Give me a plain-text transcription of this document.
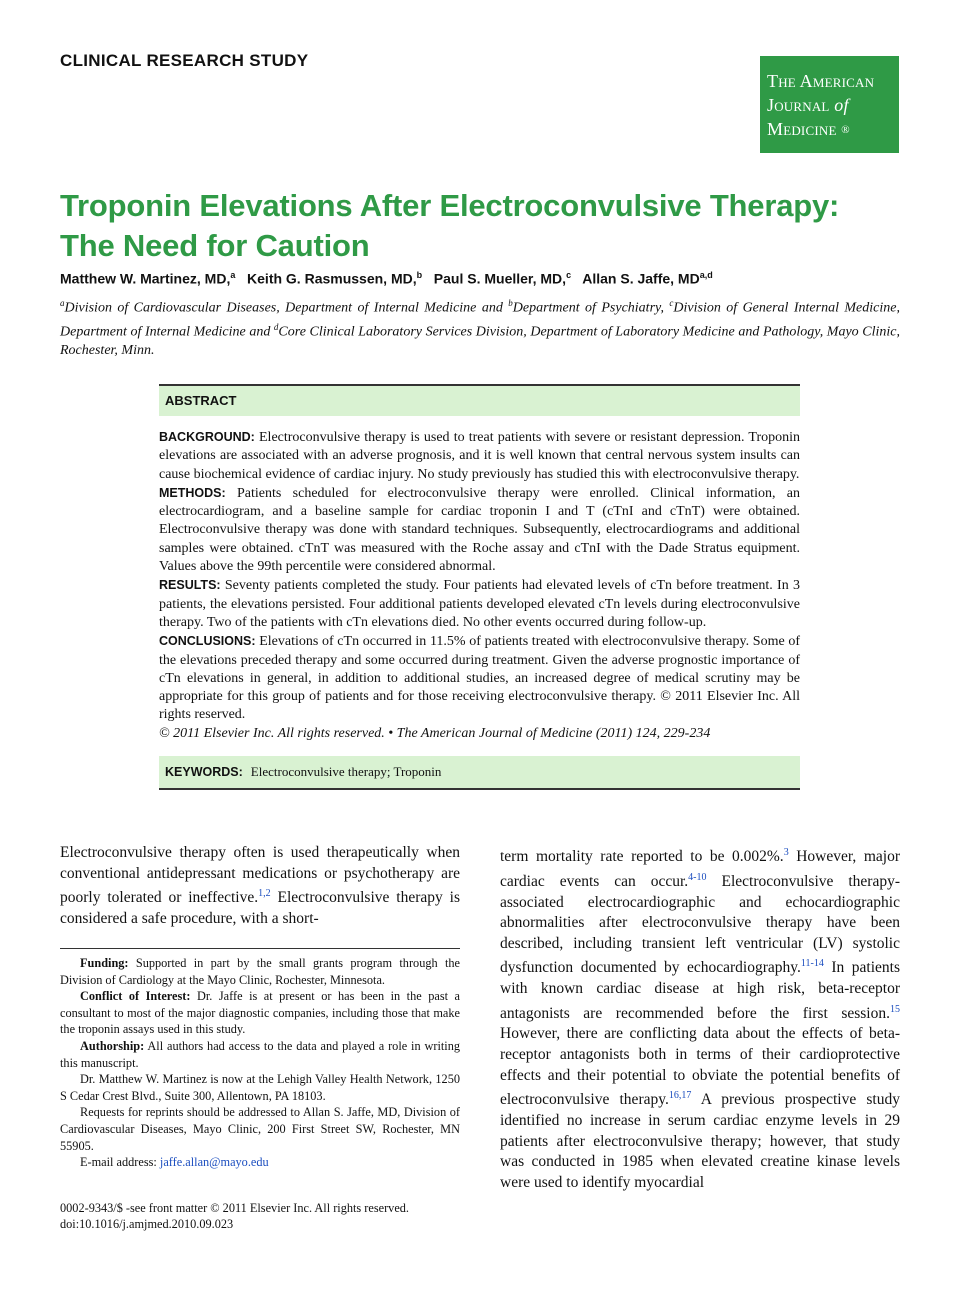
CLINICAL RESEARCH STUDY
The American
Journal of
Medicine ®
Troponin Elevations After Electroconvulsive Therapy: The Need for Caution
Matthew W. Martinez, MD,$^a$ Keith G. Rasmussen, MD,$^b$ Paul S. Mueller, MD,$^c$ Allan S. Jaffe, MD$^{a,d}$
$^a$Division of Cardiovascular Diseases, Department of Internal Medicine and $^b$Department of Psychiatry, $^c$Division of General Internal Medicine, Department of Internal Medicine and $^d$Core Clinical Laboratory Services Division, Department of Laboratory Medicine and Pathology, Mayo Clinic, Rochester, Minn.
ABSTRACT

BACKGROUND: Electroconvulsive therapy is used to treat patients with severe or resistant depression. Troponin elevations are associated with an adverse prognosis, and it is well known that central nervous system insults can cause biochemical evidence of cardiac injury. No study previously has studied this with electroconvulsive therapy.

METHODS: Patients scheduled for electroconvulsive therapy were enrolled. Clinical information, an electrocardiogram, and a baseline sample for cardiac troponin I and T (cTnI and cTnT) were obtained. Electroconvulsive therapy was done with standard techniques. Subsequently, electrocardiograms and additional samples were obtained. cTnT was measured with the Roche assay and cTnI with the Dade Stratus equipment. Values above the 99th percentile were considered abnormal.

RESULTS: Seventy patients completed the study. Four patients had elevated levels of cTn before treatment. In 3 patients, the elevations persisted. Four additional patients developed elevated cTn levels during electroconvulsive therapy. Two of the patients with cTn elevations died. No other events occurred during follow-up.

CONCLUSIONS: Elevations of cTn occurred in 11.5% of patients treated with electroconvulsive therapy. Some of the elevations preceded therapy and some occurred during treatment. Given the adverse prognostic importance of cTn elevations in general, in addition to additional studies, an increased degree of medical scrutiny may be appropriate for this group of patients and for those receiving electroconvulsive therapy. © 2011 Elsevier Inc. All rights reserved.

© 2011 Elsevier Inc. All rights reserved. • The American Journal of Medicine (2011) 124, 229-234

KEYWORDS: Electroconvulsive therapy; Troponin

Electroconvulsive therapy often is used therapeutically when conventional antidepressant medications or psychotherapy are poorly tolerated or ineffective.$^{1,2}$ Electroconvulsive therapy is considered a safe procedure, with a short-

Funding: Supported in part by the small grants program through the Division of Cardiology at the Mayo Clinic, Rochester, Minnesota.

Conflict of Interest: Dr. Jaffe is at present or has been in the past a consultant to most of the major diagnostic companies, including those that make the troponin assays used in this study.

Authorship: All authors had access to the data and played a role in writing this manuscript.

Dr. Matthew W. Martinez is now at the Lehigh Valley Health Network, 1250 S Cedar Crest Blvd., Suite 300, Allentown, PA 18103.

Requests for reprints should be addressed to Allan S. Jaffe, MD, Division of Cardiovascular Diseases, Mayo Clinic, 200 First Street SW, Rochester, MN 55905.

E-mail address: jaffe.allan@mayo.edu

0002-9343/$ -see front matter © 2011 Elsevier Inc. All rights reserved.
doi:10.1016/j.amjmed.2010.09.023

term mortality rate reported to be 0.002%.$^3$ However, major cardiac events can occur.$^{4-10}$ Electroconvulsive therapy-associated electrocardiographic and echocardiographic abnormalities after electroconvulsive therapy have been described, including transient left ventricular (LV) systolic dysfunction documented by echocardiography.$^{11-14}$ In patients with known cardiac disease at high risk, beta-receptor antagonists are recommended before the first session.$^{15}$ However, there are conflicting data about the effects of beta-receptor antagonists both in terms of their cardioprotective effects and their potential to obviate the potential benefits of electroconvulsive therapy.$^{16,17}$ A previous prospective study identified no increase in serum cardiac enzyme levels in 29 patients after electroconvulsive therapy; however, that study was conducted in 1985 when elevated creatine kinase levels were used to identify myocardial
